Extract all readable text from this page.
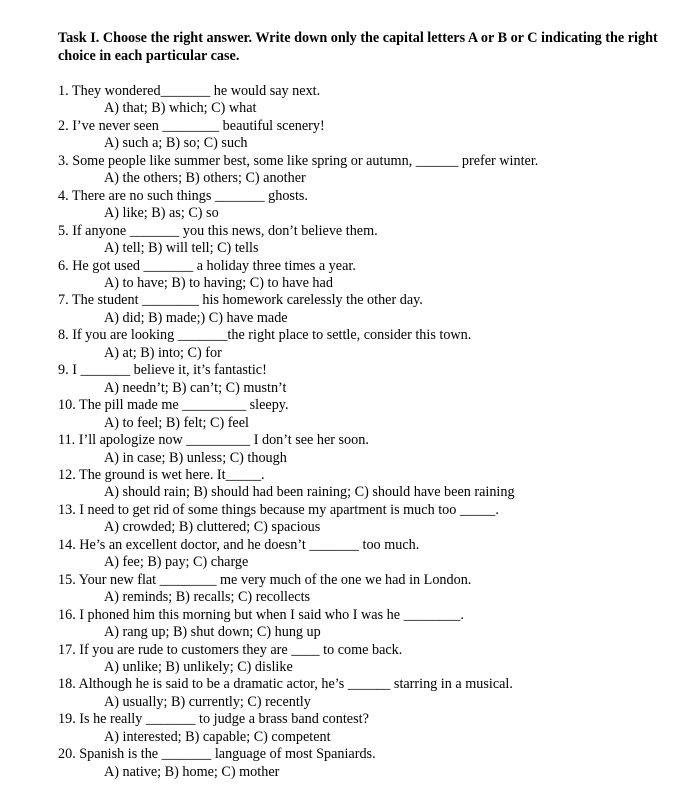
Task I. Choose the right answer. Write down only the capital letters A or B or C indicating the right choice in each particular case.
1. They wondered_______ he would say next.
A) that; B) which; C) what
2. I’ve never seen ________ beautiful scenery!
A) such a; B) so; C) such
3. Some people like summer best, some like spring or autumn, ______ prefer winter.
A) the others; B) others; C) another
4. There are no such things _______ ghosts.
A) like; B) as; C) so
5. If anyone _______ you this news, don’t believe them.
A) tell; B) will tell; C) tells
6. He got used _______ a holiday three times a year.
A) to have; B) to having; C) to have had
7. The student ________ his homework carelessly the other day.
A) did; B) made;) C) have made
8. If you are looking _______the right place to settle, consider this town.
A) at; B) into; C) for
9. I _______ believe it, it’s fantastic!
A) needn’t; B) can’t; C) mustn’t
10. The pill made me _________ sleepy.
A) to feel; B) felt; C) feel
11. I’ll apologize now _________ I don’t see her soon.
A) in case; B) unless; C) though
12. The ground is wet here. It_____.
A) should rain; B) should had been raining; C) should have been raining
13. I need to get rid of some things because my apartment is much too _____.
A) crowded; B) cluttered; C) spacious
14. He’s an excellent doctor, and he doesn’t _______ too much.
A) fee; B) pay; C) charge
15. Your new flat ________ me very much of the one we had in London.
A) reminds; B) recalls; C) recollects
16. I phoned him this morning but when I said who I was he ________.
A) rang up; B) shut down; C) hung up
17. If you are rude to customers they are ____ to come back.
A) unlike; B) unlikely; C) dislike
18. Although he is said to be a dramatic actor, he’s ______ starring in a musical.
A) usually; B) currently; C) recently
19. Is he really _______ to judge a brass band contest?
A) interested; B) capable; C) competent
20. Spanish is the _______ language of most Spaniards.
A) native; B) home; C) mother
